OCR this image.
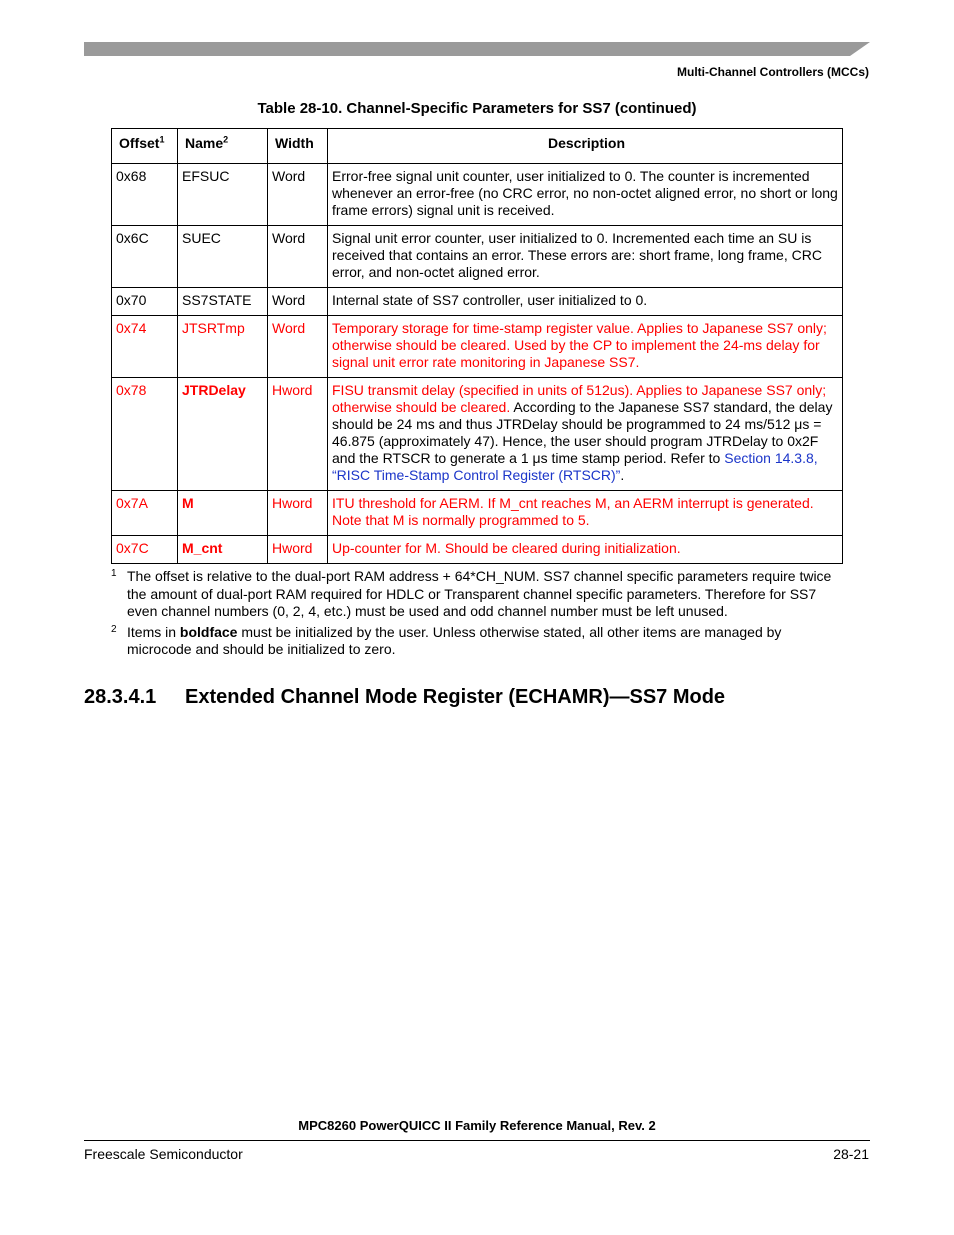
Multi-Channel Controllers (MCCs)
Table 28-10. Channel-Specific Parameters for SS7 (continued)
Offset$^1$	Name$^2$	Width	Description
0x68	EFSUC	Word	Error-free signal unit counter, user initialized to 0. The counter is incremented whenever an error-free (no CRC error, no non-octet aligned error, no short or long frame errors) signal unit is received.
0x6C	SUEC	Word	Signal unit error counter, user initialized to 0. Incremented each time an SU is received that contains an error. These errors are: short frame, long frame, CRC error, and non-octet aligned error.
0x70	SS7STATE	Word	Internal state of SS7 controller, user initialized to 0.
0x74	JTSRTmp	Word	Temporary storage for time-stamp register value. Applies to Japanese SS7 only; otherwise should be cleared. Used by the CP to implement the 24-ms delay for signal unit error rate monitoring in Japanese SS7.
0x78	JTRDelay	Hword	FISU transmit delay (specified in units of 512us). Applies to Japanese SS7 only; otherwise should be cleared. According to the Japanese SS7 standard, the delay should be 24 ms and thus JTRDelay should be programmed to 24 ms/512 μs = 46.875 (approximately 47). Hence, the user should program JTRDelay to 0x2F and the RTSCR to generate a 1 μs time stamp period. Refer to Section 14.3.8, “RISC Time-Stamp Control Register (RTSCR)”.
0x7A	M	Hword	ITU threshold for AERM. If M_cnt reaches M, an AERM interrupt is generated. Note that M is normally programmed to 5.
0x7C	M_cnt	Hword	Up-counter for M. Should be cleared during initialization.
1 The offset is relative to the dual-port RAM address + 64*CH_NUM. SS7 channel specific parameters require twice the amount of dual-port RAM required for HDLC or Transparent channel specific parameters. Therefore for SS7 even channel numbers (0, 2, 4, etc.) must be used and odd channel number must be left unused.
2 Items in boldface must be initialized by the user. Unless otherwise stated, all other items are managed by microcode and should be initialized to zero.
28.3.4.1 Extended Channel Mode Register (ECHAMR)—SS7 Mode
MPC8260 PowerQUICC II Family Reference Manual, Rev. 2
Freescale Semiconductor	28-21
